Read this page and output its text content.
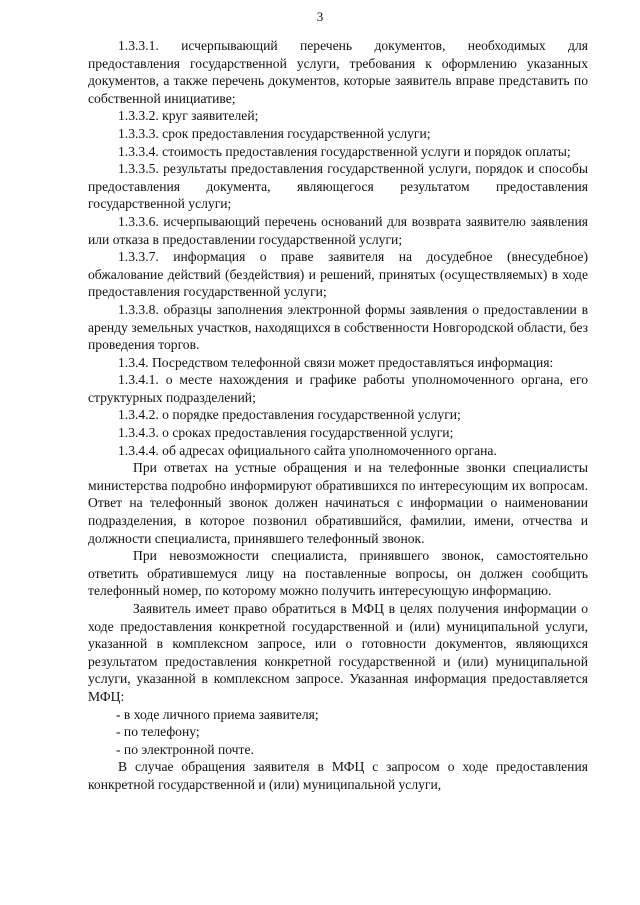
3

1.3.3.1. исчерпывающий перечень документов, необходимых для предоставления государственной услуги, требования к оформлению указанных документов, а также перечень документов, которые заявитель вправе представить по собственной инициативе;

1.3.3.2. круг заявителей;

1.3.3.3. срок предоставления государственной услуги;

1.3.3.4. стоимость предоставления государственной услуги и порядок оплаты;

1.3.3.5. результаты предоставления государственной услуги, порядок и способы предоставления документа, являющегося результатом предоставления государственной услуги;

1.3.3.6. исчерпывающий перечень оснований для возврата заявителю заявления или отказа в предоставлении государственной услуги;

1.3.3.7. информация о праве заявителя на досудебное (внесудебное) обжалование действий (бездействия) и решений, принятых (осуществляемых) в ходе предоставления государственной услуги;

1.3.3.8. образцы заполнения электронной формы заявления о предоставлении в аренду земельных участков, находящихся в собственности Новгородской области, без проведения торгов.

1.3.4. Посредством телефонной связи может предоставляться информация:

1.3.4.1. о месте нахождения и графике работы уполномоченного органа, его структурных подразделений;

1.3.4.2. о порядке предоставления государственной услуги;

1.3.4.3. о сроках предоставления государственной услуги;

1.3.4.4. об адресах официального сайта уполномоченного органа.

При ответах на устные обращения и на телефонные звонки специалисты министерства подробно информируют обратившихся по интересующим их вопросам. Ответ на телефонный звонок должен начинаться с информации о наименовании подразделения, в которое позвонил обратившийся, фамилии, имени, отчества и должности специалиста, принявшего телефонный звонок.

При невозможности специалиста, принявшего звонок, самостоятельно ответить обратившемуся лицу на поставленные вопросы, он должен сообщить телефонный номер, по которому можно получить интересующую информацию.

Заявитель имеет право обратиться в МФЦ в целях получения информации о ходе предоставления конкретной государственной и (или) муниципальной услуги, указанной в комплексном запросе, или о готовности документов, являющихся результатом предоставления конкретной государственной и (или) муниципальной услуги, указанной в комплексном запросе. Указанная информация предоставляется МФЦ:

- в ходе личного приема заявителя;

- по телефону;

- по электронной почте.

В случае обращения заявителя в МФЦ с запросом о ходе предоставления конкретной государственной и (или) муниципальной услуги,
